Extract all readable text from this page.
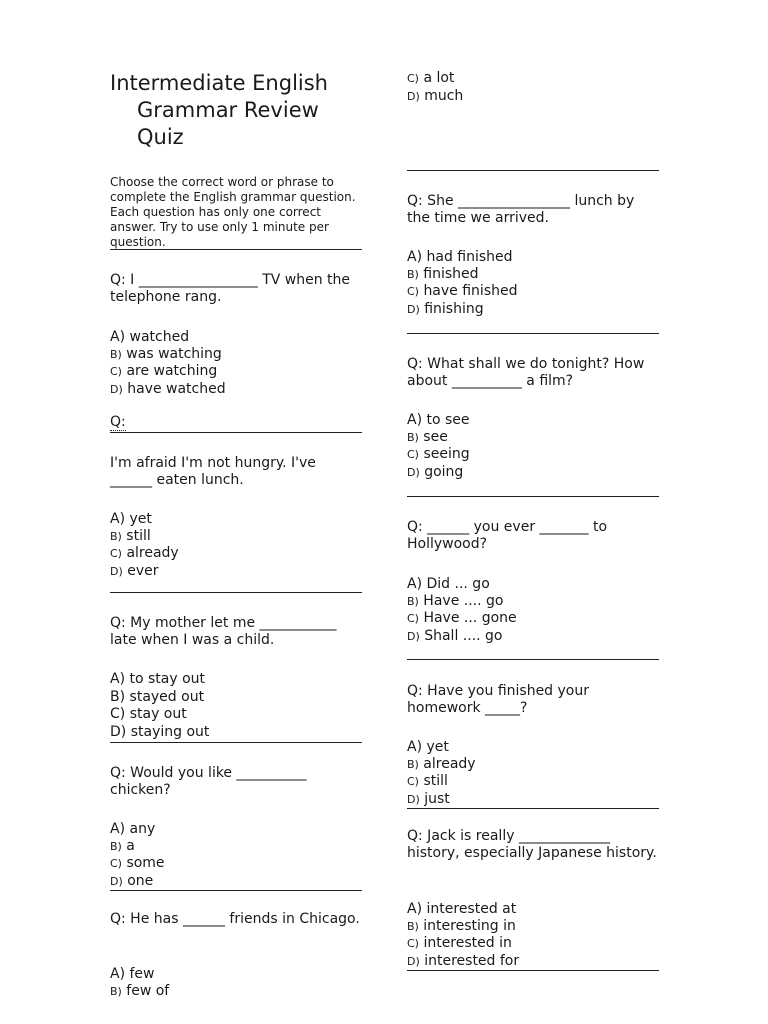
Intermediate English
Grammar Review
Quiz
Choose the correct word or phrase to complete the English grammar question. Each question has only one correct answer. Try to use only 1 minute per question.
Q: I _________________ TV when the telephone rang.
A) watched
B) was watching
C) are watching
D) have watched
Q:
I'm afraid I'm not hungry. I've ______ eaten lunch.
A) yet
B) still
C) already
D) ever
Q: My mother let me ___________ late when I was a child.
A) to stay out
B) stayed out
C) stay out
D) staying out
Q: Would you like __________ chicken?
A) any
B) a
C) some
D) one
Q: He has ______ friends in Chicago.
A) few
B) few of
C) a lot
D) much
Q: She ________________ lunch by the time we arrived.
A) had finished
B) finished
C) have finished
D) finishing
Q: What shall we do tonight? How about __________ a film?
A) to see
B) see
C) seeing
D) going
Q: ______ you ever _______ to Hollywood?
A) Did ... go
B) Have .... go
C) Have ... gone
D) Shall .... go
Q: Have you finished your homework _____?
A) yet
B) already
C) still
D) just
Q: Jack is really _____________ history, especially Japanese history.
A) interested at
B) interesting in
C) interested in
D) interested for
